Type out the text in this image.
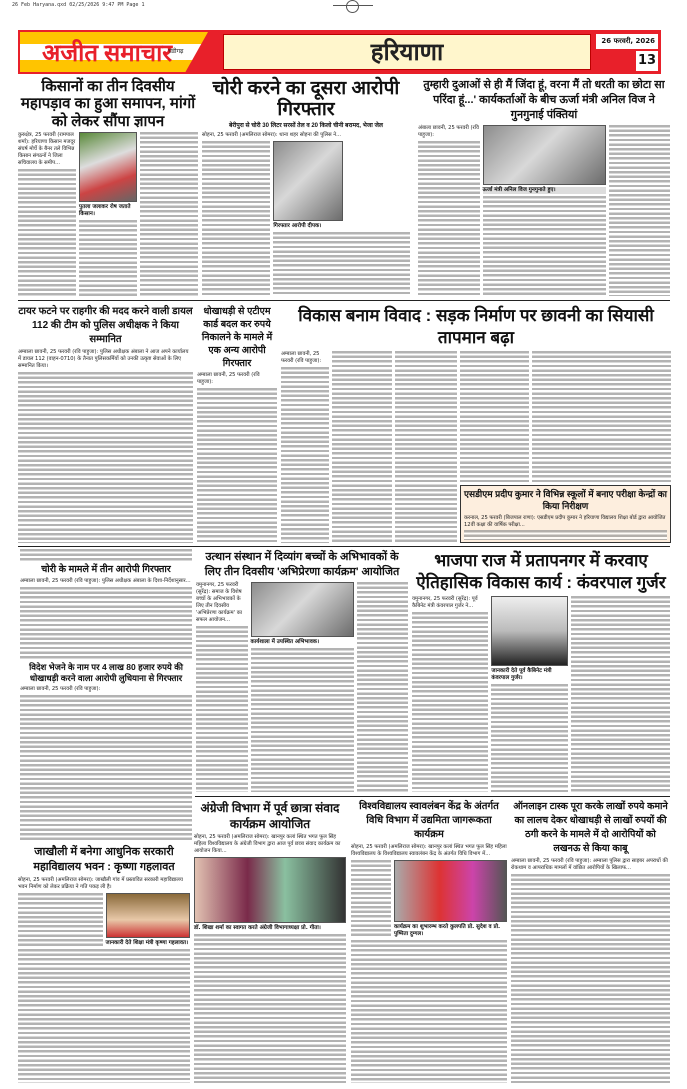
26 Feb Haryana.qxd 02/25/2026 9:47 PM Page 1
अजीत समाचार
चंडीगढ़	हरियाणा	26 फरवरी, 2026
13
किसानों का तीन दिवसीय महापड़ाव का हुआ समापन, मांगों को लेकर सौंपा ज्ञापन
कुरुक्षेत्र, 25 फरवरी (रामपाल शर्मा): हरियाणा किसान मजदूर संघर्ष मोर्चे के बैनर तले विभिन्न किसान संगठनों ने जिला सचिवालय के समीप...
पुतला जलाकर रोष जताते किसान।
चोरी करने का दूसरा आरोपी गिरफ्तार
बेरीपुरा से चोरी 30 लिटर सरसों तेल व 20 किलो चीनी बरामद, भेजा जेल
सोहना, 25 फरवरी (अमलिराज सोमरा): थाना शहर सोहना की पुलिस ने...
गिरफ्तार आरोपी दीपक।
तुम्हारी दुआओं से ही मैं जिंदा हूं, वरना मैं तो धरती का छोटा सा परिंदा हूं...' कार्यकर्ताओं के बीच ऊर्जा मंत्री अनिल विज ने गुनगुनाई पंक्तियां
अंबाला छावनी, 25 फरवरी (रवि पाहुजा):
ऊर्जा मंत्री अनिल विज गुनगुनाते हुए।
टायर फटने पर राहगीर की मदद करने वाली डायल 112 की टीम को पुलिस अधीक्षक ने किया सम्मानित
अम्बाला छावनी, 25 फरवरी (रवि पाहुजा): पुलिस अधीक्षक अंबाला ने आज अपने कार्यालय में डायल 112 (वाहन-0710) के तैनात पुलिसकर्मियों को उनकी उत्कृष्ट सेवाओं के लिए सम्मानित किया।
धोखाधड़ी से एटीएम कार्ड बदल कर रुपये निकालने के मामले में एक अन्य आरोपी गिरफ्तार
अम्बाला छावनी, 25 फरवरी (रवि पाहुजा):
विकास बनाम विवाद : सड़क निर्माण पर छावनी का सियासी तापमान बढ़ा
अम्बाला छावनी, 25 फरवरी (रवि पाहुजा):
एसडीएम प्रदीप कुमार ने विभिन्न स्कूलों में बनाए परीक्षा केन्द्रों का किया निरीक्षण
करनाल, 25 फरवरी (बिजपाल राणा): एसडीएम प्रदीप कुमार ने हरियाणा विद्यालय शिक्षा बोर्ड द्वारा आयोजित 12वीं कक्षा की वार्षिक परीक्षा...
चोरी के मामले में तीन आरोपी गिरफ्तार
अम्बाला छावनी, 25 फरवरी (रवि पाहुजा): पुलिस अधीक्षक अंबाला के दिशा-निर्देशानुसार...
विदेश भेजने के नाम पर 4 लाख 80 हजार रुपये की धोखाधड़ी करने वाला आरोपी लुधियाना से गिरफ्तार
अम्बाला छावनी, 25 फरवरी (रवि पाहुजा):
उत्थान संस्थान में दिव्यांग बच्चों के अभिभावकों के लिए तीन दिवसीय 'अभिप्रेरणा कार्यक्रम' आयोजित
यमुनानगर, 25 फरवरी (सुरेंद्र): समाज के विशेष बच्चों के अभिभावकों के लिए तीन दिवसीय 'अभिप्रेरणा कार्यक्रम' का सफल आयोजन...
कार्यशाला में उपस्थित अभिभावक।
भाजपा राज में प्रतापनगर में करवाए ऐतिहासिक विकास कार्य : कंवरपाल गुर्जर
यमुनानगर, 25 फरवरी (सुरेंद्र): पूर्व कैबिनेट मंत्री कंवरपाल गुर्जर ने...
जानकारी देते पूर्व कैबिनेट मंत्री कंवरपाल गुर्जर।
जाखौली में बनेगा आधुनिक सरकारी महाविद्यालय भवन : कृष्णा गहलावत
सोहना, 25 फरवरी (अमलिराज सोमरा): जाखौली गांव में प्रस्तावित सरकारी महाविद्यालय भवन निर्माण को लेकर प्रक्रिया ने गति पकड़ ली है।
जानकारी देते शिक्षा मंत्री कृष्णा गहलावत।
अंग्रेजी विभाग में पूर्व छात्रा संवाद कार्यक्रम आयोजित
सोहना, 25 फरवरी (अमलिराज सोमरा): खानपुर कलां स्थित भगत फूल सिंह महिला विश्वविद्यालय के अंग्रेजी विभाग द्वारा आज पूर्व छात्रा संवाद कार्यक्रम का आयोजन किया...
डॉ. शिखा शर्मा का स्वागत करते अंग्रेजी विभागाध्यक्षा प्रो. गीता।
विश्वविद्यालय स्वावलंबन केंद्र के अंतर्गत विधि विभाग में उद्यमिता जागरूकता कार्यक्रम
सोहना, 25 फरवरी (अमलिराज सोमरा): खानपुर कलां स्थित भगत फूल सिंह महिला विश्वविद्यालय के विश्वविद्यालय स्वावलंबन केंद्र के अंतर्गत विधि विभाग में...
कार्यक्रम का शुभारम्भ करते कुलपति प्रो. सुदेश व प्रो. पुष्पिता दुग्गल।
ऑनलाइन टास्क पूरा करके लाखों रुपये कमाने का लालच देकर धोखाधड़ी से लाखों रुपयों की ठगी करने के मामले में दो आरोपियों को लखनऊ से किया काबू
अम्बाला छावनी, 25 फरवरी (रवि पाहुजा): अम्बाला पुलिस द्वारा साइबर अपराधों की रोकथाम व आपराधिक मामलों में वांछित आरोपियों के खिलाफ...
